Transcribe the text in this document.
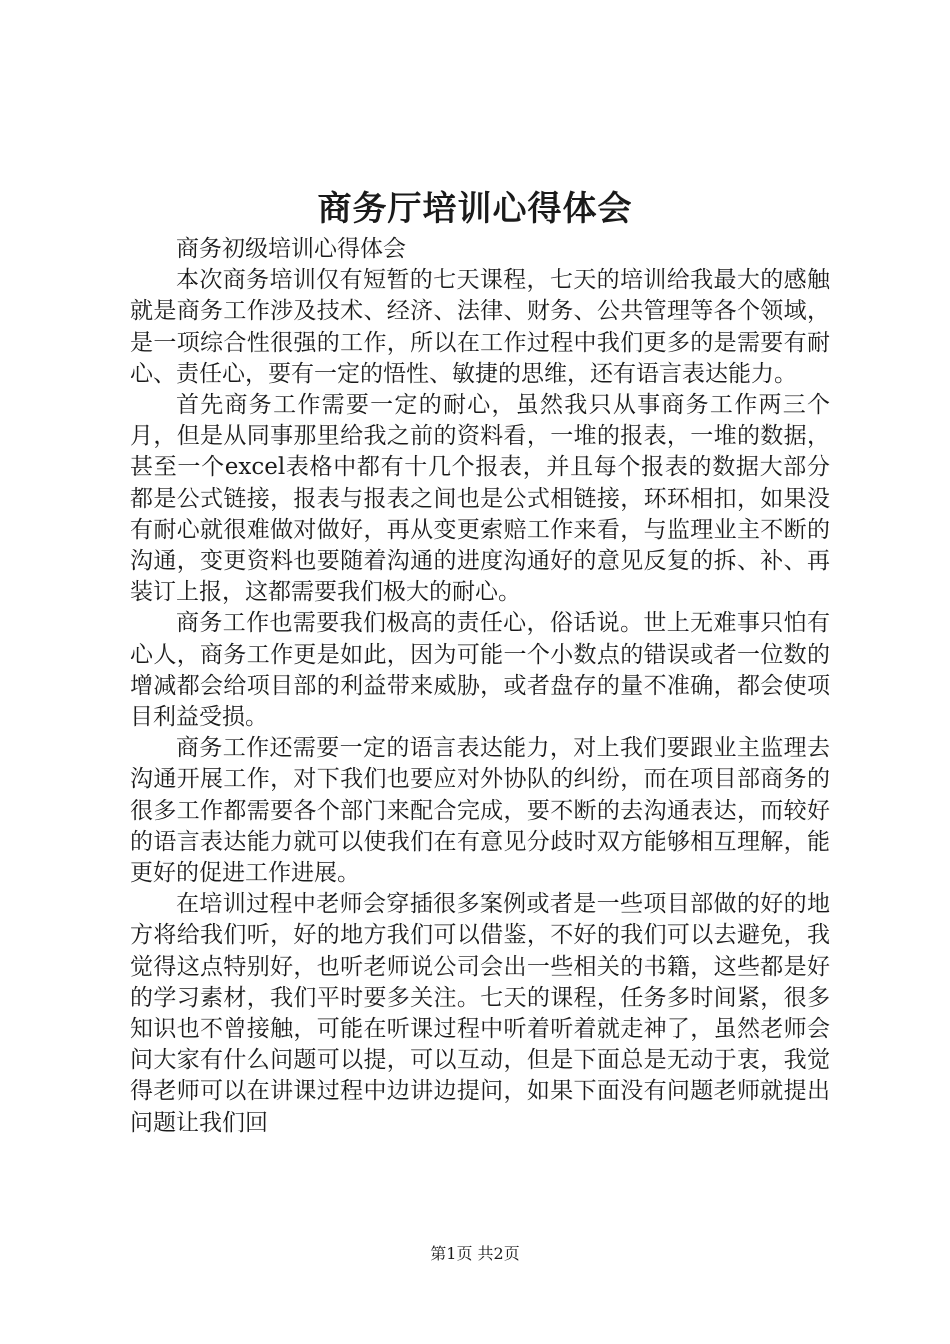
商务厅培训心得体会

商务初级培训心得体会

本次商务培训仅有短暂的七天课程，七天的培训给我最大的感触就是商务工作涉及技术、经济、法律、财务、公共管理等各个领域，是一项综合性很强的工作，所以在工作过程中我们更多的是需要有耐心、责任心，要有一定的悟性、敏捷的思维，还有语言表达能力。

首先商务工作需要一定的耐心，虽然我只从事商务工作两三个月，但是从同事那里给我之前的资料看，一堆的报表，一堆的数据，甚至一个excel表格中都有十几个报表，并且每个报表的数据大部分都是公式链接，报表与报表之间也是公式相链接，环环相扣，如果没有耐心就很难做对做好，再从变更索赔工作来看，与监理业主不断的沟通，变更资料也要随着沟通的进度沟通好的意见反复的拆、补、再装订上报，这都需要我们极大的耐心。

商务工作也需要我们极高的责任心，俗话说。世上无难事只怕有心人，商务工作更是如此，因为可能一个小数点的错误或者一位数的增减都会给项目部的利益带来威胁，或者盘存的量不准确，都会使项目利益受损。

商务工作还需要一定的语言表达能力，对上我们要跟业主监理去沟通开展工作，对下我们也要应对外协队的纠纷，而在项目部商务的很多工作都需要各个部门来配合完成，要不断的去沟通表达，而较好的语言表达能力就可以使我们在有意见分歧时双方能够相互理解，能更好的促进工作进展。

在培训过程中老师会穿插很多案例或者是一些项目部做的好的地方将给我们听，好的地方我们可以借鉴，不好的我们可以去避免，我觉得这点特别好，也听老师说公司会出一些相关的书籍，这些都是好的学习素材，我们平时要多关注。七天的课程，任务多时间紧，很多知识也不曾接触，可能在听课过程中听着听着就走神了，虽然老师会问大家有什么问题可以提，可以互动，但是下面总是无动于衷，我觉得老师可以在讲课过程中边讲边提问，如果下面没有问题老师就提出问题让我们回

第1页 共2页
